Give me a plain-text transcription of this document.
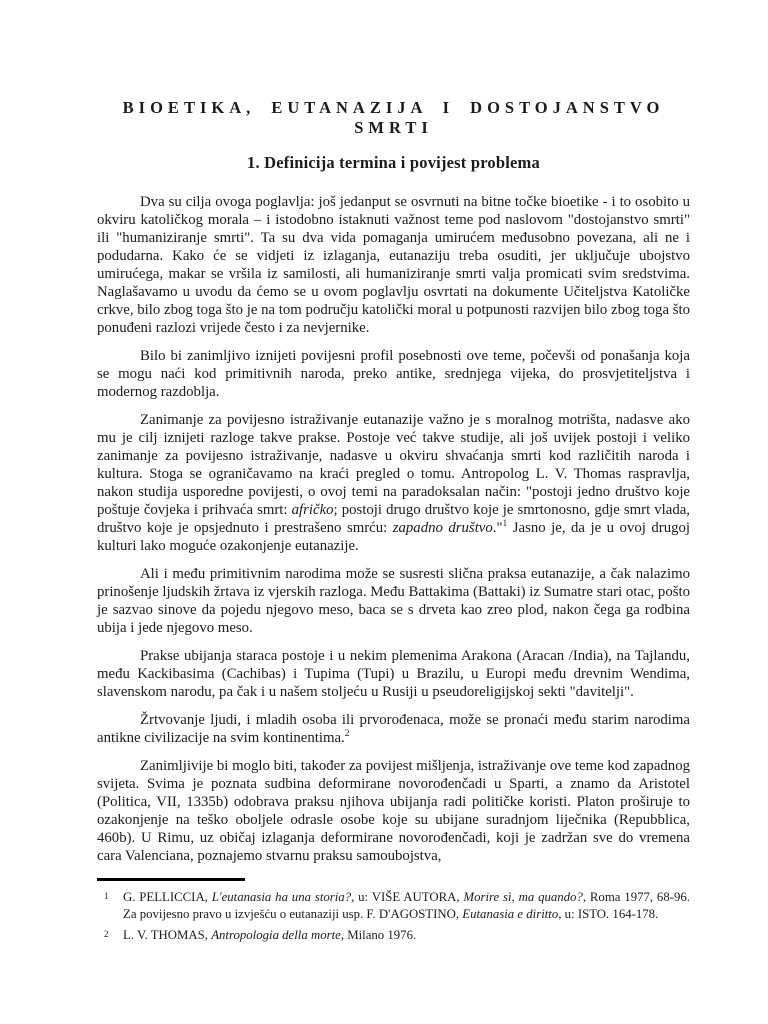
BIOETIKA, EUTANAZIJA I DOSTOJANSTVO SMRTI
1. Definicija termina i povijest problema

Dva su cilja ovoga poglavlja: još jedanput se osvrnuti na bitne točke bioetike - i to osobito u okviru katoličkog morala – i istodobno istaknuti važnost teme pod naslovom "dostojanstvo smrti" ili "humaniziranje smrti". Ta su dva vida pomaganja umirućem međusobno povezana, ali ne i podudarna. Kako će se vidjeti iz izlaganja, eutanaziju treba osuditi, jer uključuje ubojstvo umirućega, makar se vršila iz samilosti, ali humaniziranje smrti valja promicati svim sredstvima. Naglašavamo u uvodu da ćemo se u ovom poglavlju osvrtati na dokumente Učiteljstva Katoličke crkve, bilo zbog toga što je na tom području katolički moral u potpunosti razvijen bilo zbog toga što ponuđeni razlozi vrijede često i za nevjernike.

Bilo bi zanimljivo iznijeti povijesni profil posebnosti ove teme, počevši od ponašanja koja se mogu naći kod primitivnih naroda, preko antike, srednjega vijeka, do prosvjetiteljstva i modernog razdoblja.

Zanimanje za povijesno istraživanje eutanazije važno je s moralnog motrišta, nadasve ako mu je cilj iznijeti razloge takve prakse. Postoje već takve studije, ali još uvijek postoji i veliko zanimanje za povijesno istraživanje, nadasve u okviru shvaćanja smrti kod različitih naroda i kultura. Stoga se ograničavamo na kraći pregled o tomu. Antropolog L. V. Thomas raspravlja, nakon studija usporedne povijesti, o ovoj temi na paradoksalan način: "postoji jedno društvo koje poštuje čovjeka i prihvaća smrt: afričko; postoji drugo društvo koje je smrtonosno, gdje smrt vlada, društvo koje je opsjednuto i prestrašeno smrću: zapadno društvo."$^1$ Jasno je, da je u ovoj drugoj kulturi lako moguće ozakonjenje eutanazije.

Ali i među primitivnim narodima može se susresti slična praksa eutanazije, a čak nalazimo prinošenje ljudskih žrtava iz vjerskih razloga. Među Battakima (Battaki) iz Sumatre stari otac, pošto je sazvao sinove da pojedu njegovo meso, baca se s drveta kao zreo plod, nakon čega ga rodbina ubija i jede njegovo meso.

Prakse ubijanja staraca postoje i u nekim plemenima Arakona (Aracan /India), na Tajlandu, među Kackibasima (Cachibas) i Tupima (Tupi) u Brazilu, u Europi među drevnim Wendima, slavenskom narodu, pa čak i u našem stoljeću u Rusiji u pseudoreligijskoj sekti "davitelji".

Žrtvovanje ljudi, i mladih osoba ili prvorođenaca, može se pronaći među starim narodima antikne civilizacije na svim kontinentima.$^2$

Zanimljivije bi moglo biti, također za povijest mišljenja, istraživanje ove teme kod zapadnog svijeta. Svima je poznata sudbina deformirane novorođenčadi u Sparti, a znamo da Aristotel (Politica, VII, 1335b) odobrava praksu njihova ubijanja radi političke koristi. Platon proširuje to ozakonjenje na teško oboljele odrasle osobe koje su ubijane suradnjom liječnika (Repubblica, 460b). U Rimu, uz običaj izlaganja deformirane novorođenčadi, koji je zadržan sve do vremena cara Valenciana, poznajemo stvarnu praksu samoubojstva,

1 G. PELLICCIA, L'eutanasia ha una storia?, u: VIŠE AUTORA, Morire sì, ma quando?, Roma 1977, 68-96. Za povijesno pravo u izvješću o eutanaziji usp. F. D'AGOSTINO, Eutanasia e diritto, u: ISTO. 164-178.
2 L. V. THOMAS, Antropologia della morte, Milano 1976.
